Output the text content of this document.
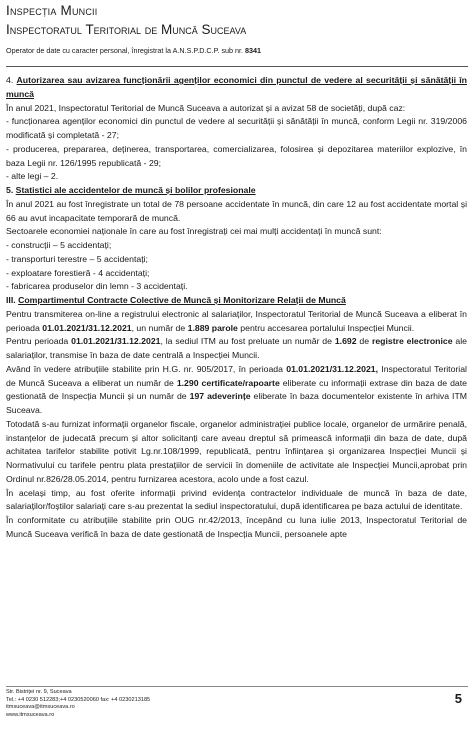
Inspecția Muncii
Inspectoratul Teritorial de Muncă Suceava
Operator de date cu caracter personal, înregistrat la A.N.S.P.D.C.P. sub nr. 8341

4. Autorizarea sau avizarea funcționării agenților economici din punctul de vedere al securității și sănătății în muncă

În anul 2021, Inspectoratul Teritorial de Muncă Suceava a autorizat și a avizat 58 de societăți, după caz:

- funcționarea agenților economici din punctul de vedere al securității și sănătății în muncă, conform Legii nr. 319/2006 modificată și completată - 27;

- producerea, prepararea, deținerea, transportarea, comercializarea, folosirea și depozitarea materiilor explozive, în baza Legii nr. 126/1995 republicată - 29;

- alte legi – 2.

5. Statistici ale accidentelor de muncă și bolilor profesionale

În anul 2021 au fost înregistrate un total de 78 persoane accidentate în muncă, din care 12 au fost accidentate mortal și 66 au avut incapacitate temporară de muncă.

Sectoarele economiei naționale în care au fost înregistrați cei mai mulți accidentați în muncă sunt:

- construcții – 5 accidentați;

- transporturi terestre – 5 accidentați;

- exploatare forestieră - 4 accidentați;

- fabricarea produselor din lemn - 3 accidentați.

III. Compartimentul Contracte Colective de Muncă și Monitorizare Relații de Muncă

Pentru transmiterea on-line a registrului electronic al salariaților, Inspectoratul Teritorial de Muncă Suceava a eliberat în perioada 01.01.2021/31.12.2021, un număr de 1.889 parole pentru accesarea portalului Inspecției Muncii.

Pentru perioada 01.01.2021/31.12.2021, la sediul ITM au fost preluate un număr de 1.692 de registre electronice ale salariaților, transmise în baza de date centrală a Inspecției Muncii.

Având în vedere atribuțiile stabilite prin H.G. nr. 905/2017, în perioada 01.01.2021/31.12.2021, Inspectoratul Teritorial de Muncă Suceava a eliberat un număr de 1.290 certificate/rapoarte eliberate cu informații extrase din baza de date gestionată de Inspecția Muncii și un număr de 197 adeverințe eliberate în baza documentelor existente în arhiva ITM Suceava.

Totodată s-au furnizat informații organelor fiscale, organelor administrației publice locale, organelor de urmărire penală, instanțelor de judecată precum și altor solicitanți care aveau dreptul să primească informații din baza de date, după achitatea tarifelor stabilite potivit Lg.nr.108/1999, republicată, pentru înființarea și organizarea Inspecției Muncii și Normativului cu tarifele pentru plata prestațiilor de servicii în domeniile de activitate ale Inspecției Muncii,aprobat prin Ordinul nr.826/28.05.2014, pentru furnizarea acestora, acolo unde a fost cazul.

În același timp, au fost oferite informații privind evidența contractelor individuale de muncă în baza de date, salariaților/foștilor salariați care s-au prezentat la sediul inspectoratului, după identificarea pe baza actului de identitate.

În conformitate cu atribuțiile stabilite prin OUG nr.42/2013, începând cu luna iulie 2013, Inspectoratul Teritorial de Muncă Suceava verifică în baza de date gestionată de Inspecția Muncii, persoanele apte

Str. Bistriței nr. 9, Suceava
Tel.: +4 0230 512283;+4 0230520060 fax: +4 0230213185
itmsuceava@itmsuceava.ro
www.itmsuceava.ro
5
